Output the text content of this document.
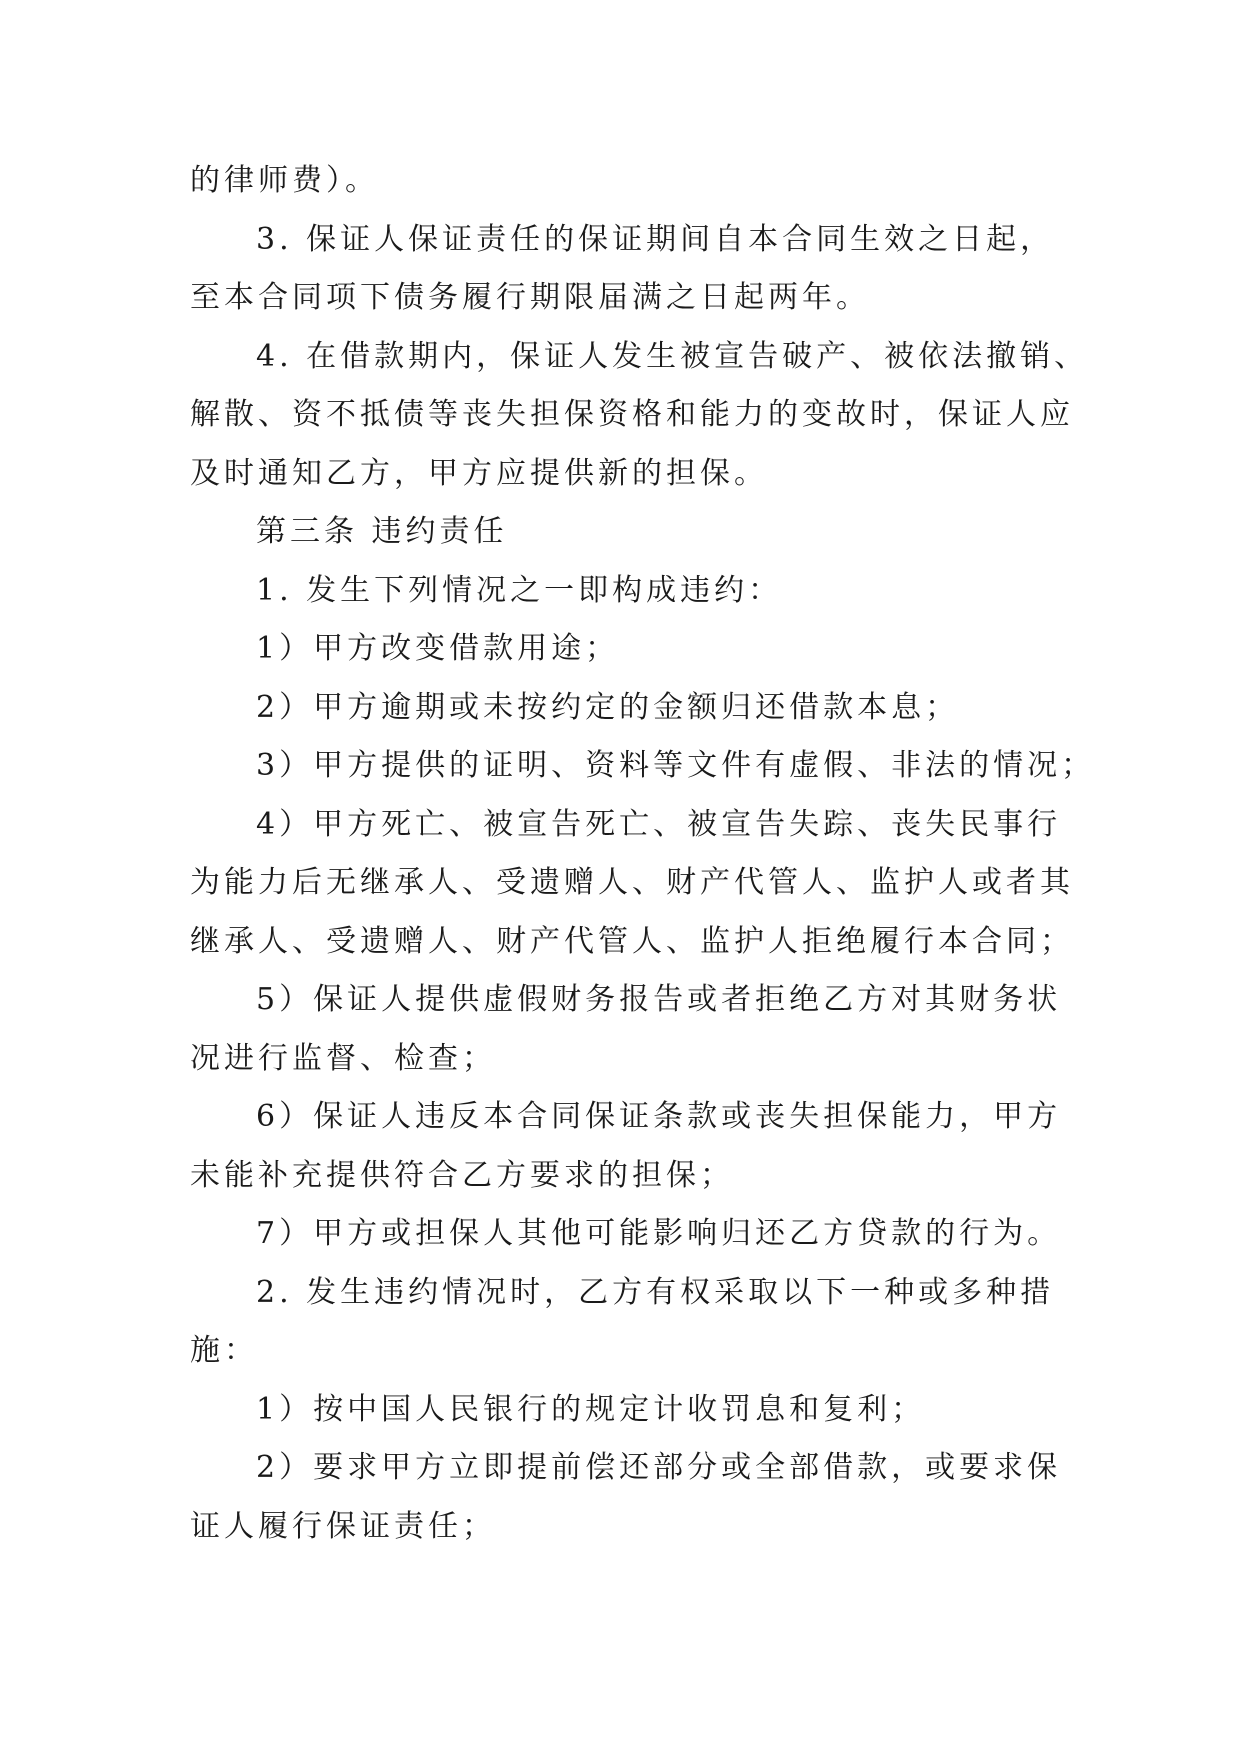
的律师费）。

3. 保证人保证责任的保证期间自本合同生效之日起，

至本合同项下债务履行期限届满之日起两年。

4. 在借款期内，保证人发生被宣告破产、被依法撤销、

解散、资不抵债等丧失担保资格和能力的变故时，保证人应

及时通知乙方，甲方应提供新的担保。

第三条 违约责任

1. 发生下列情况之一即构成违约：

1）甲方改变借款用途；

2）甲方逾期或未按约定的金额归还借款本息；

3）甲方提供的证明、资料等文件有虚假、非法的情况；

4）甲方死亡、被宣告死亡、被宣告失踪、丧失民事行

为能力后无继承人、受遗赠人、财产代管人、监护人或者其

继承人、受遗赠人、财产代管人、监护人拒绝履行本合同；

5）保证人提供虚假财务报告或者拒绝乙方对其财务状

况进行监督、检查；

6）保证人违反本合同保证条款或丧失担保能力，甲方

未能补充提供符合乙方要求的担保；

7）甲方或担保人其他可能影响归还乙方贷款的行为。

2. 发生违约情况时，乙方有权采取以下一种或多种措

施：

1）按中国人民银行的规定计收罚息和复利；

2）要求甲方立即提前偿还部分或全部借款，或要求保

证人履行保证责任；
